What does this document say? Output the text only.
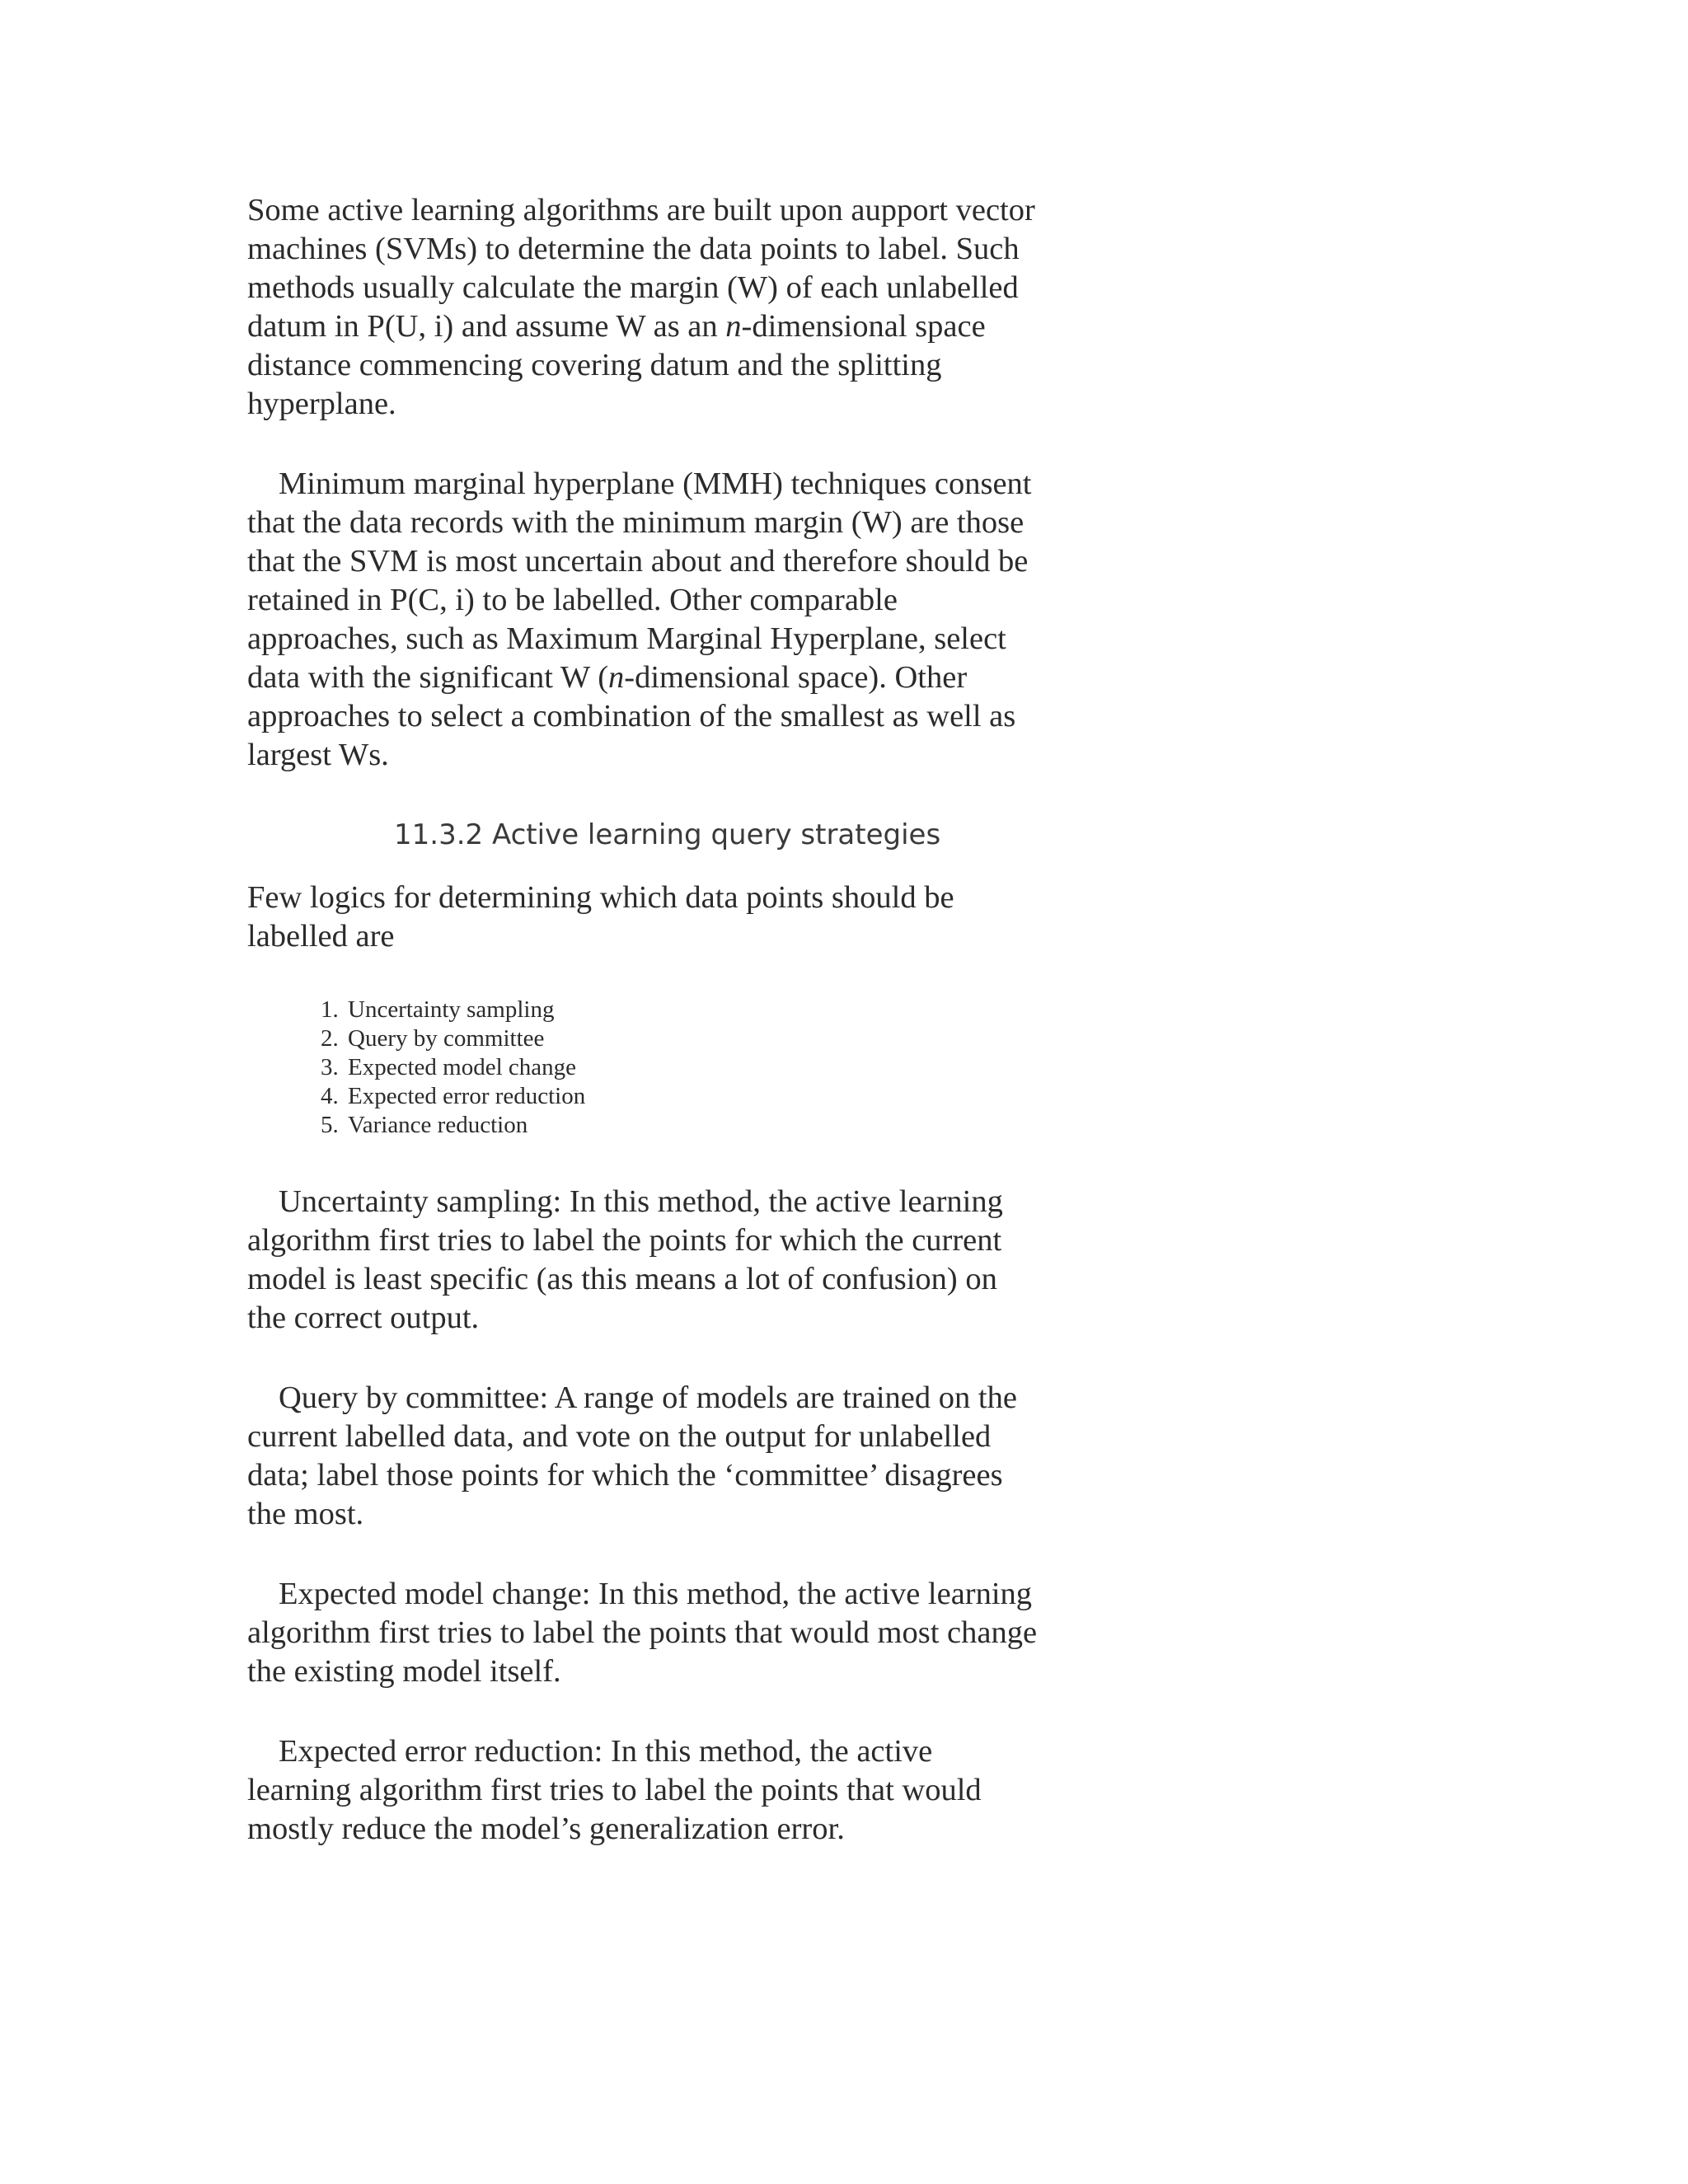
Some active learning algorithms are built upon aupport vector machines (SVMs) to determine the data points to label. Such methods usually calculate the margin (W) of each unlabelled datum in P(U, i) and assume W as an n-dimensional space distance commencing covering datum and the splitting hyperplane.

Minimum marginal hyperplane (MMH) techniques consent that the data records with the minimum margin (W) are those that the SVM is most uncertain about and therefore should be retained in P(C, i) to be labelled. Other comparable approaches, such as Maximum Marginal Hyperplane, select data with the significant W (n-dimensional space). Other approaches to select a combination of the smallest as well as largest Ws.

11.3.2 Active learning query strategies

Few logics for determining which data points should be labelled are

1. Uncertainty sampling
2. Query by committee
3. Expected model change
4. Expected error reduction
5. Variance reduction

Uncertainty sampling: In this method, the active learning algorithm first tries to label the points for which the current model is least specific (as this means a lot of confusion) on the correct output.

Query by committee: A range of models are trained on the current labelled data, and vote on the output for unlabelled data; label those points for which the ‘committee’ disagrees the most.

Expected model change: In this method, the active learning algorithm first tries to label the points that would most change the existing model itself.

Expected error reduction: In this method, the active learning algorithm first tries to label the points that would mostly reduce the model’s generalization error.
